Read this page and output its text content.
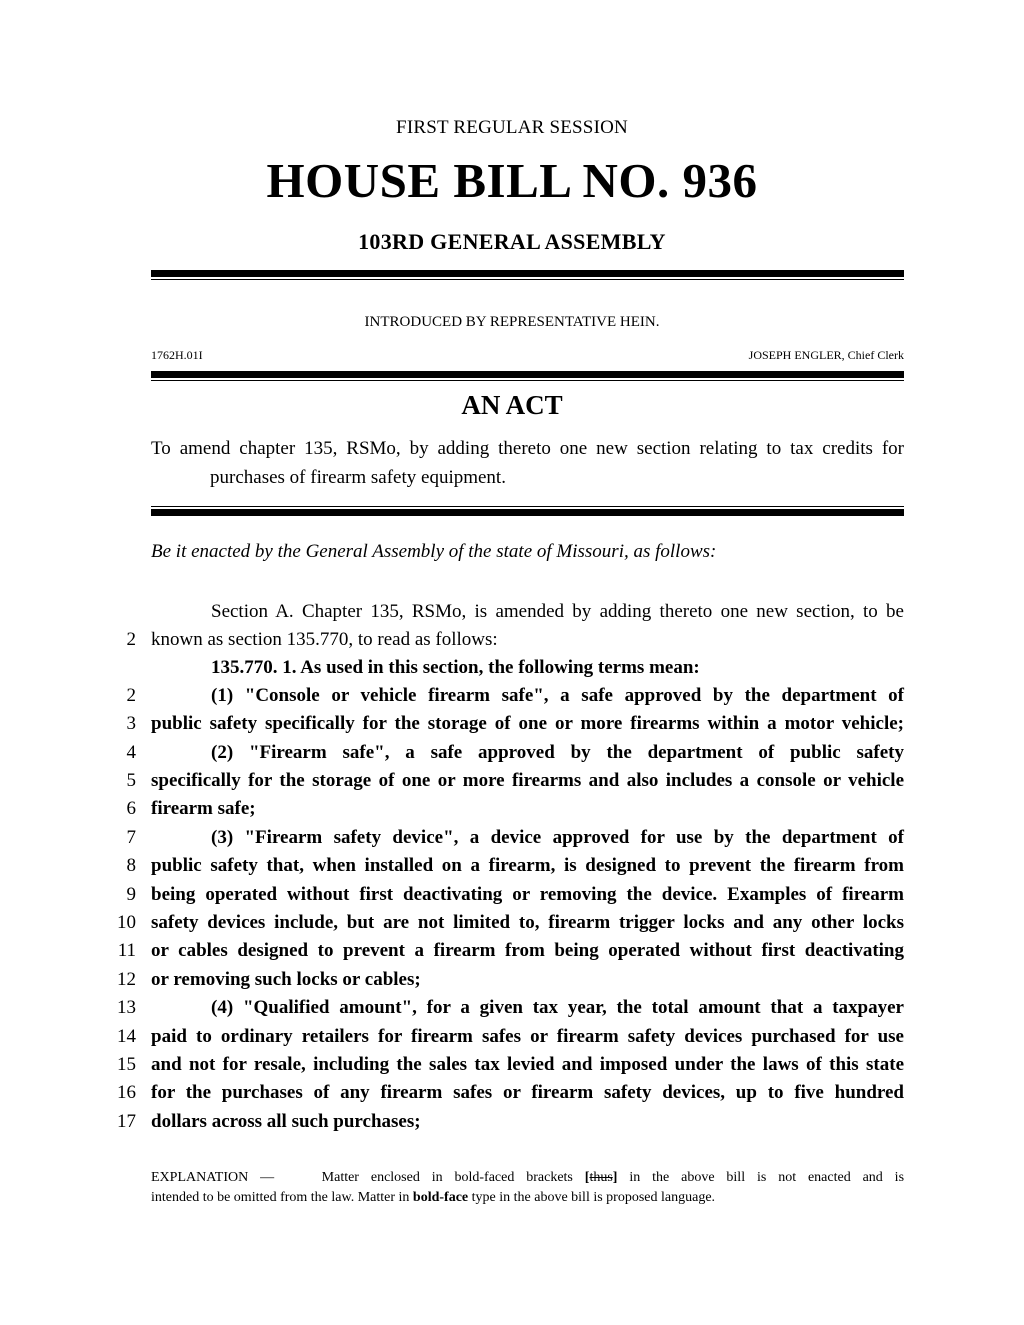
FIRST REGULAR SESSION
HOUSE BILL NO. 936
103RD GENERAL ASSEMBLY
INTRODUCED BY REPRESENTATIVE HEIN.
1762H.01I	JOSEPH ENGLER, Chief Clerk
AN ACT
To amend chapter 135, RSMo, by adding thereto one new section relating to tax credits for
purchases of firearm safety equipment.
Be it enacted by the General Assembly of the state of Missouri, as follows:
Section A. Chapter 135, RSMo, is amended by adding thereto one new section, to be
2 known as section 135.770, to read as follows:
135.770. 1. As used in this section, the following terms mean:
2	(1) "Console or vehicle firearm safe", a safe approved by the department of
3 public safety specifically for the storage of one or more firearms within a motor vehicle;
4	(2) "Firearm safe", a safe approved by the department of public safety
5 specifically for the storage of one or more firearms and also includes a console or vehicle
6 firearm safe;
7	(3) "Firearm safety device", a device approved for use by the department of
8 public safety that, when installed on a firearm, is designed to prevent the firearm from
9 being operated without first deactivating or removing the device. Examples of firearm
10 safety devices include, but are not limited to, firearm trigger locks and any other locks
11 or cables designed to prevent a firearm from being operated without first deactivating
12 or removing such locks or cables;
13	(4) "Qualified amount", for a given tax year, the total amount that a taxpayer
14 paid to ordinary retailers for firearm safes or firearm safety devices purchased for use
15 and not for resale, including the sales tax levied and imposed under the laws of this state
16 for the purchases of any firearm safes or firearm safety devices, up to five hundred
17 dollars across all such purchases;
EXPLANATION —	Matter enclosed in bold-faced brackets [thus] in the above bill is not enacted and is
intended to be omitted from the law. Matter in bold-face type in the above bill is proposed language.
